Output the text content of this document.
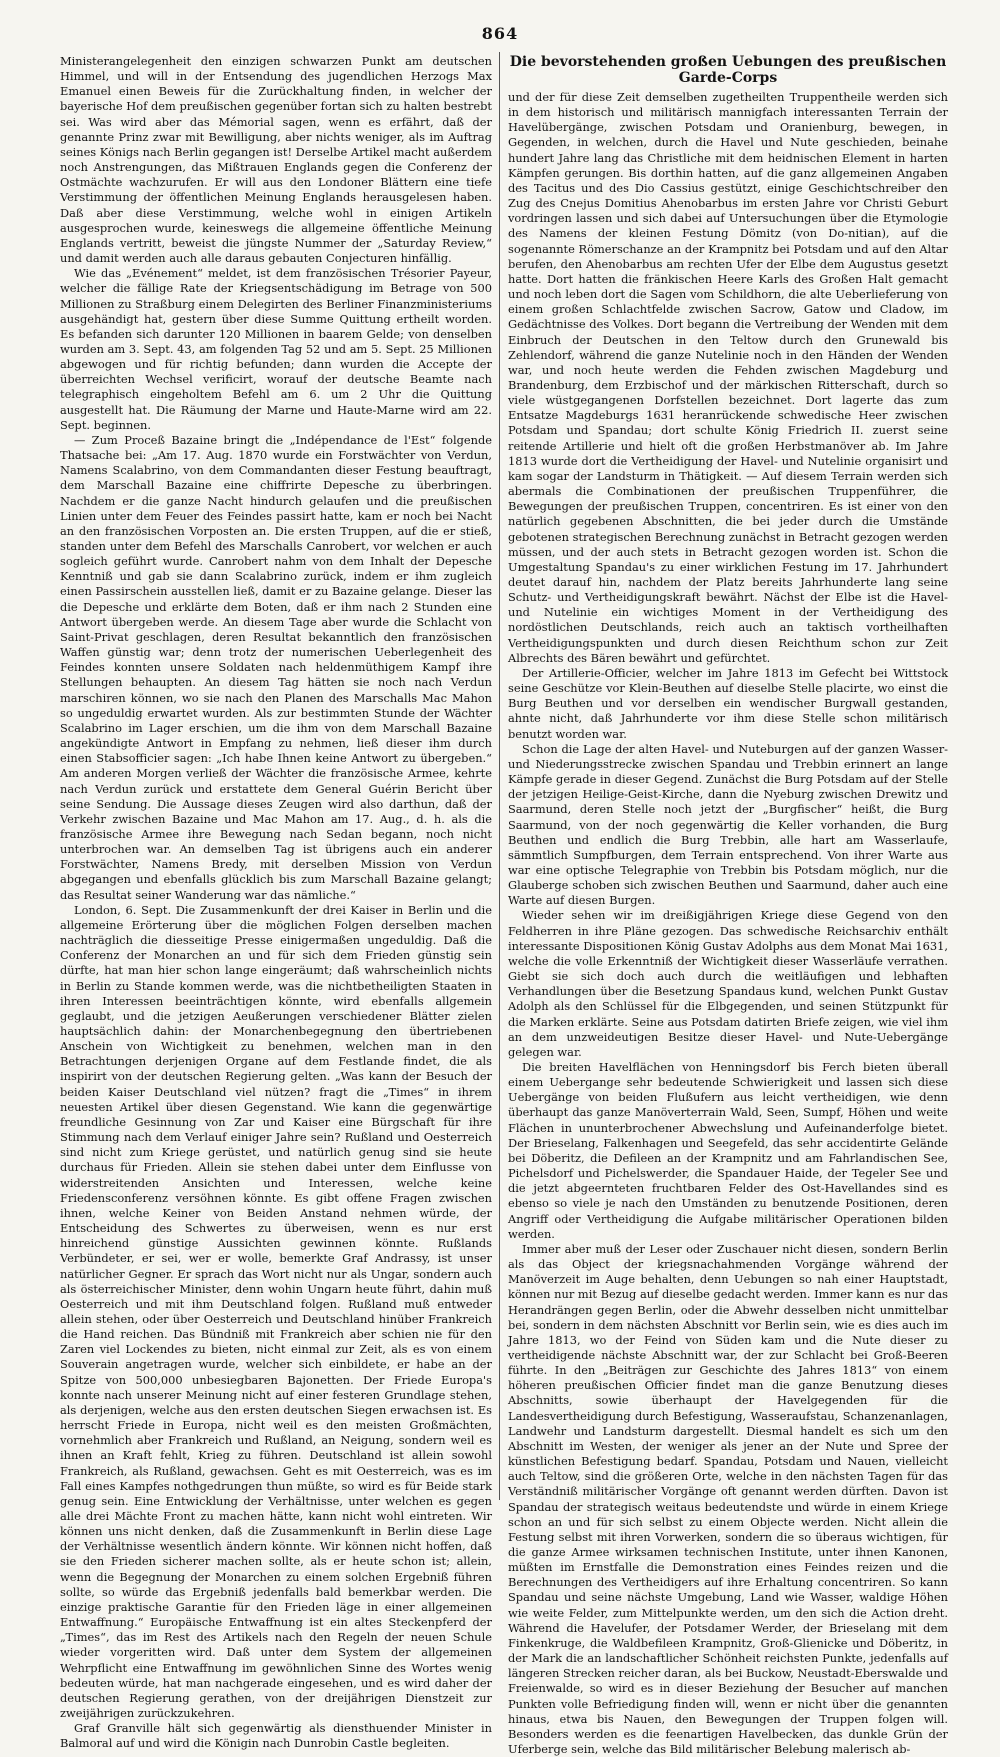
864

Ministerangelegenheit den einzigen schwarzen Punkt am deutschen Himmel, und will in der Entsendung des jugendlichen Herzogs Max Emanuel einen Beweis für die Zurückhaltung finden, in welcher der bayerische Hof dem preußischen gegenüber fortan sich zu halten bestrebt sei. Was wird aber das Mémorial sagen, wenn es erfährt, daß der genannte Prinz zwar mit Bewilligung, aber nichts weniger, als im Auftrag seines Königs nach Berlin gegangen ist! Derselbe Artikel macht außerdem noch Anstrengungen, das Mißtrauen Englands gegen die Conferenz der Ostmächte wachzurufen. Er will aus den Londoner Blättern eine tiefe Verstimmung der öffentlichen Meinung Englands herausgelesen haben. Daß aber diese Verstimmung, welche wohl in einigen Artikeln ausgesprochen wurde, keineswegs die allgemeine öffentliche Meinung Englands vertritt, beweist die jüngste Nummer der „Saturday Review,“ und damit werden auch alle daraus gebauten Conjecturen hinfällig.

Wie das „Evénement“ meldet, ist dem französischen Trésorier Payeur, welcher die fällige Rate der Kriegsentschädigung im Betrage von 500 Millionen zu Straßburg einem Delegirten des Berliner Finanzministeriums ausgehändigt hat, gestern über diese Summe Quittung ertheilt worden. Es befanden sich darunter 120 Millionen in baarem Gelde; von denselben wurden am 3. Sept. 43, am folgenden Tag 52 und am 5. Sept. 25 Millionen abgewogen und für richtig befunden; dann wurden die Accepte der überreichten Wechsel verificirt, worauf der deutsche Beamte nach telegraphisch eingeholtem Befehl am 6. um 2 Uhr die Quittung ausgestellt hat. Die Räumung der Marne und Haute-Marne wird am 22. Sept. beginnen.

— Zum Proceß Bazaine bringt die „Indépendance de l'Est“ folgende Thatsache bei: „Am 17. Aug. 1870 wurde ein Forstwächter von Verdun, Namens Scalabrino, von dem Commandanten dieser Festung beauftragt, dem Marschall Bazaine eine chiffrirte Depesche zu überbringen. Nachdem er die ganze Nacht hindurch gelaufen und die preußischen Linien unter dem Feuer des Feindes passirt hatte, kam er noch bei Nacht an den französischen Vorposten an. Die ersten Truppen, auf die er stieß, standen unter dem Befehl des Marschalls Canrobert, vor welchen er auch sogleich geführt wurde. Canrobert nahm von dem Inhalt der Depesche Kenntniß und gab sie dann Scalabrino zurück, indem er ihm zugleich einen Passirschein ausstellen ließ, damit er zu Bazaine gelange. Dieser las die Depesche und erklärte dem Boten, daß er ihm nach 2 Stunden eine Antwort übergeben werde. An diesem Tage aber wurde die Schlacht von Saint-Privat geschlagen, deren Resultat bekanntlich den französischen Waffen günstig war; denn trotz der numerischen Ueberlegenheit des Feindes konnten unsere Soldaten nach heldenmüthigem Kampf ihre Stellungen behaupten. An diesem Tag hätten sie noch nach Verdun marschiren können, wo sie nach den Planen des Marschalls Mac Mahon so ungeduldig erwartet wurden. Als zur bestimmten Stunde der Wächter Scalabrino im Lager erschien, um die ihm von dem Marschall Bazaine angekündigte Antwort in Empfang zu nehmen, ließ dieser ihm durch einen Stabsofficier sagen: „Ich habe Ihnen keine Antwort zu übergeben.“ Am anderen Morgen verließ der Wächter die französische Armee, kehrte nach Verdun zurück und erstattete dem General Guérin Bericht über seine Sendung. Die Aussage dieses Zeugen wird also darthun, daß der Verkehr zwischen Bazaine und Mac Mahon am 17. Aug., d. h. als die französische Armee ihre Bewegung nach Sedan begann, noch nicht unterbrochen war. An demselben Tag ist übrigens auch ein anderer Forstwächter, Namens Bredy, mit derselben Mission von Verdun abgegangen und ebenfalls glücklich bis zum Marschall Bazaine gelangt; das Resultat seiner Wanderung war das nämliche.“

London, 6. Sept. Die Zusammenkunft der drei Kaiser in Berlin und die allgemeine Erörterung über die möglichen Folgen derselben machen nachträglich die diesseitige Presse einigermaßen ungeduldig. Daß die Conferenz der Monarchen an und für sich dem Frieden günstig sein dürfte, hat man hier schon lange eingeräumt; daß wahrscheinlich nichts in Berlin zu Stande kommen werde, was die nichtbetheiligten Staaten in ihren Interessen beeinträchtigen könnte, wird ebenfalls allgemein geglaubt, und die jetzigen Aeußerungen verschiedener Blätter zielen hauptsächlich dahin: der Monarchenbegegnung den übertriebenen Anschein von Wichtigkeit zu benehmen, welchen man in den Betrachtungen derjenigen Organe auf dem Festlande findet, die als inspirirt von der deutschen Regierung gelten. „Was kann der Besuch der beiden Kaiser Deutschland viel nützen? fragt die „Times“ in ihrem neuesten Artikel über diesen Gegenstand. Wie kann die gegenwärtige freundliche Gesinnung von Zar und Kaiser eine Bürgschaft für ihre Stimmung nach dem Verlauf einiger Jahre sein? Rußland und Oesterreich sind nicht zum Kriege gerüstet, und natürlich genug sind sie heute durchaus für Frieden. Allein sie stehen dabei unter dem Einflusse von widerstreitenden Ansichten und Interessen, welche keine Friedensconferenz versöhnen könnte. Es gibt offene Fragen zwischen ihnen, welche Keiner von Beiden Anstand nehmen würde, der Entscheidung des Schwertes zu überweisen, wenn es nur erst hinreichend günstige Aussichten gewinnen könnte. Rußlands Verbündeter, er sei, wer er wolle, bemerkte Graf Andrassy, ist unser natürlicher Gegner. Er sprach das Wort nicht nur als Ungar, sondern auch als österreichischer Minister, denn wohin Ungarn heute führt, dahin muß Oesterreich und mit ihm Deutschland folgen. Rußland muß entweder allein stehen, oder über Oesterreich und Deutschland hinüber Frankreich die Hand reichen. Das Bündniß mit Frankreich aber schien nie für den Zaren viel Lockendes zu bieten, nicht einmal zur Zeit, als es von einem Souverain angetragen wurde, welcher sich einbildete, er habe an der Spitze von 500,000 unbesiegbaren Bajonetten. Der Friede Europa's konnte nach unserer Meinung nicht auf einer festeren Grundlage stehen, als derjenigen, welche aus den ersten deutschen Siegen erwachsen ist. Es herrscht Friede in Europa, nicht weil es den meisten Großmächten, vornehmlich aber Frankreich und Rußland, an Neigung, sondern weil es ihnen an Kraft fehlt, Krieg zu führen. Deutschland ist allein sowohl Frankreich, als Rußland, gewachsen. Geht es mit Oesterreich, was es im Fall eines Kampfes nothgedrungen thun müßte, so wird es für Beide stark genug sein. Eine Entwicklung der Verhältnisse, unter welchen es gegen alle drei Mächte Front zu machen hätte, kann nicht wohl eintreten. Wir können uns nicht denken, daß die Zusammenkunft in Berlin diese Lage der Verhältnisse wesentlich ändern könnte. Wir können nicht hoffen, daß sie den Frieden sicherer machen sollte, als er heute schon ist; allein, wenn die Begegnung der Monarchen zu einem solchen Ergebniß führen sollte, so würde das Ergebniß jedenfalls bald bemerkbar werden. Die einzige praktische Garantie für den Frieden läge in einer allgemeinen Entwaffnung.“ Europäische Entwaffnung ist ein altes Steckenpferd der „Times“, das im Rest des Artikels nach den Regeln der neuen Schule wieder vorgeritten wird. Daß unter dem System der allgemeinen Wehrpflicht eine Entwaffnung im gewöhnlichen Sinne des Wortes wenig bedeuten würde, hat man nachgerade eingesehen, und es wird daher der deutschen Regierung gerathen, von der dreijährigen Dienstzeit zur zweijährigen zurückzukehren.

Graf Granville hält sich gegenwärtig als diensthuender Minister in Balmoral auf und wird die Königin nach Dunrobin Castle begleiten.

Die bevorstehenden großen Uebungen des preußischen Garde-Corps

und der für diese Zeit demselben zugetheilten Truppentheile werden sich in dem historisch und militärisch mannigfach interessanten Terrain der Havelübergänge, zwischen Potsdam und Oranienburg, bewegen, in Gegenden, in welchen, durch die Havel und Nute geschieden, beinahe hundert Jahre lang das Christliche mit dem heidnischen Element in harten Kämpfen gerungen. Bis dorthin hatten, auf die ganz allgemeinen Angaben des Tacitus und des Dio Cassius gestützt, einige Geschichtschreiber den Zug des Cnejus Domitius Ahenobarbus im ersten Jahre vor Christi Geburt vordringen lassen und sich dabei auf Untersuchungen über die Etymologie des Namens der kleinen Festung Dömitz (von Do-nitian), auf die sogenannte Römerschanze an der Krampnitz bei Potsdam und auf den Altar berufen, den Ahenobarbus am rechten Ufer der Elbe dem Augustus gesetzt hatte. Dort hatten die fränkischen Heere Karls des Großen Halt gemacht und noch leben dort die Sagen vom Schildhorn, die alte Ueberlieferung von einem großen Schlachtfelde zwischen Sacrow, Gatow und Cladow, im Gedächtnisse des Volkes. Dort begann die Vertreibung der Wenden mit dem Einbruch der Deutschen in den Teltow durch den Grunewald bis Zehlendorf, während die ganze Nutelinie noch in den Händen der Wenden war, und noch heute werden die Fehden zwischen Magdeburg und Brandenburg, dem Erzbischof und der märkischen Ritterschaft, durch so viele wüstgegangenen Dorfstellen bezeichnet. Dort lagerte das zum Entsatze Magdeburgs 1631 heranrückende schwedische Heer zwischen Potsdam und Spandau; dort schulte König Friedrich II. zuerst seine reitende Artillerie und hielt oft die großen Herbstmanöver ab. Im Jahre 1813 wurde dort die Vertheidigung der Havel- und Nutelinie organisirt und kam sogar der Landsturm in Thätigkeit. — Auf diesem Terrain werden sich abermals die Combinationen der preußischen Truppenführer, die Bewegungen der preußischen Truppen, concentriren. Es ist einer von den natürlich gegebenen Abschnitten, die bei jeder durch die Umstände gebotenen strategischen Berechnung zunächst in Betracht gezogen werden müssen, und der auch stets in Betracht gezogen worden ist. Schon die Umgestaltung Spandau's zu einer wirklichen Festung im 17. Jahrhundert deutet darauf hin, nachdem der Platz bereits Jahrhunderte lang seine Schutz- und Vertheidigungskraft bewährt. Nächst der Elbe ist die Havel- und Nutelinie ein wichtiges Moment in der Vertheidigung des nordöstlichen Deutschlands, reich auch an taktisch vortheilhaften Vertheidigungspunkten und durch diesen Reichthum schon zur Zeit Albrechts des Bären bewährt und gefürchtet.

Der Artillerie-Officier, welcher im Jahre 1813 im Gefecht bei Wittstock seine Geschütze vor Klein-Beuthen auf dieselbe Stelle placirte, wo einst die Burg Beuthen und vor derselben ein wendischer Burgwall gestanden, ahnte nicht, daß Jahrhunderte vor ihm diese Stelle schon militärisch benutzt worden war.

Schon die Lage der alten Havel- und Nuteburgen auf der ganzen Wasser- und Niederungsstrecke zwischen Spandau und Trebbin erinnert an lange Kämpfe gerade in dieser Gegend. Zunächst die Burg Potsdam auf der Stelle der jetzigen Heilige-Geist-Kirche, dann die Nyeburg zwischen Drewitz und Saarmund, deren Stelle noch jetzt der „Burgfischer“ heißt, die Burg Saarmund, von der noch gegenwärtig die Keller vorhanden, die Burg Beuthen und endlich die Burg Trebbin, alle hart am Wasserlaufe, sämmtlich Sumpfburgen, dem Terrain entsprechend. Von ihrer Warte aus war eine optische Telegraphie von Trebbin bis Potsdam möglich, nur die Glauberge schoben sich zwischen Beuthen und Saarmund, daher auch eine Warte auf diesen Burgen.

Wieder sehen wir im dreißigjährigen Kriege diese Gegend von den Feldherren in ihre Pläne gezogen. Das schwedische Reichsarchiv enthält interessante Dispositionen König Gustav Adolphs aus dem Monat Mai 1631, welche die volle Erkenntniß der Wichtigkeit dieser Wasserläufe verrathen. Giebt sie sich doch auch durch die weitläufigen und lebhaften Verhandlungen über die Besetzung Spandaus kund, welchen Punkt Gustav Adolph als den Schlüssel für die Elbgegenden, und seinen Stützpunkt für die Marken erklärte. Seine aus Potsdam datirten Briefe zeigen, wie viel ihm an dem unzweideutigen Besitze dieser Havel- und Nute-Uebergänge gelegen war.

Die breiten Havelflächen von Henningsdorf bis Ferch bieten überall einem Uebergange sehr bedeutende Schwierigkeit und lassen sich diese Uebergänge von beiden Flußufern aus leicht vertheidigen, wie denn überhaupt das ganze Manöverterrain Wald, Seen, Sumpf, Höhen und weite Flächen in ununterbrochener Abwechslung und Aufeinanderfolge bietet. Der Brieselang, Falkenhagen und Seegefeld, das sehr accidentirte Gelände bei Döberitz, die Defileen an der Krampnitz und am Fahrlandischen See, Pichelsdorf und Pichelswerder, die Spandauer Haide, der Tegeler See und die jetzt abgeernteten fruchtbaren Felder des Ost-Havellandes sind es ebenso so viele je nach den Umständen zu benutzende Positionen, deren Angriff oder Vertheidigung die Aufgabe militärischer Operationen bilden werden.

Immer aber muß der Leser oder Zuschauer nicht diesen, sondern Berlin als das Object der kriegsnachahmenden Vorgänge während der Manöverzeit im Auge behalten, denn Uebungen so nah einer Hauptstadt, können nur mit Bezug auf dieselbe gedacht werden. Immer kann es nur das Herandrängen gegen Berlin, oder die Abwehr desselben nicht unmittelbar bei, sondern in dem nächsten Abschnitt vor Berlin sein, wie es dies auch im Jahre 1813, wo der Feind von Süden kam und die Nute dieser zu vertheidigende nächste Abschnitt war, der zur Schlacht bei Groß-Beeren führte. In den „Beiträgen zur Geschichte des Jahres 1813“ von einem höheren preußischen Officier findet man die ganze Benutzung dieses Abschnitts, sowie überhaupt der Havelgegenden für die Landesvertheidigung durch Befestigung, Wasseraufstau, Schanzenanlagen, Landwehr und Landsturm dargestellt. Diesmal handelt es sich um den Abschnitt im Westen, der weniger als jener an der Nute und Spree der künstlichen Befestigung bedarf. Spandau, Potsdam und Nauen, vielleicht auch Teltow, sind die größeren Orte, welche in den nächsten Tagen für das Verständniß militärischer Vorgänge oft genannt werden dürften. Davon ist Spandau der strategisch weitaus bedeutendste und würde in einem Kriege schon an und für sich selbst zu einem Objecte werden. Nicht allein die Festung selbst mit ihren Vorwerken, sondern die so überaus wichtigen, für die ganze Armee wirksamen technischen Institute, unter ihnen Kanonen, müßten im Ernstfalle die Demonstration eines Feindes reizen und die Berechnungen des Vertheidigers auf ihre Erhaltung concentriren. So kann Spandau und seine nächste Umgebung, Land wie Wasser, waldige Höhen wie weite Felder, zum Mittelpunkte werden, um den sich die Action dreht. Während die Havelufer, der Potsdamer Werder, der Brieselang mit dem Finkenkruge, die Waldbefileen Krampnitz, Groß-Glienicke und Döberitz, in der Mark die an landschaftlicher Schönheit reichsten Punkte, jedenfalls auf längeren Strecken reicher daran, als bei Buckow, Neustadt-Eberswalde und Freienwalde, so wird es in dieser Beziehung der Besucher auf manchen Punkten volle Befriedigung finden will, wenn er nicht über die genannten hinaus, etwa bis Nauen, den Bewegungen der Truppen folgen will. Besonders werden es die feenartigen Havelbecken, das dunkle Grün der Uferberge sein, welche das Bild militärischer Belebung malerisch ab-
